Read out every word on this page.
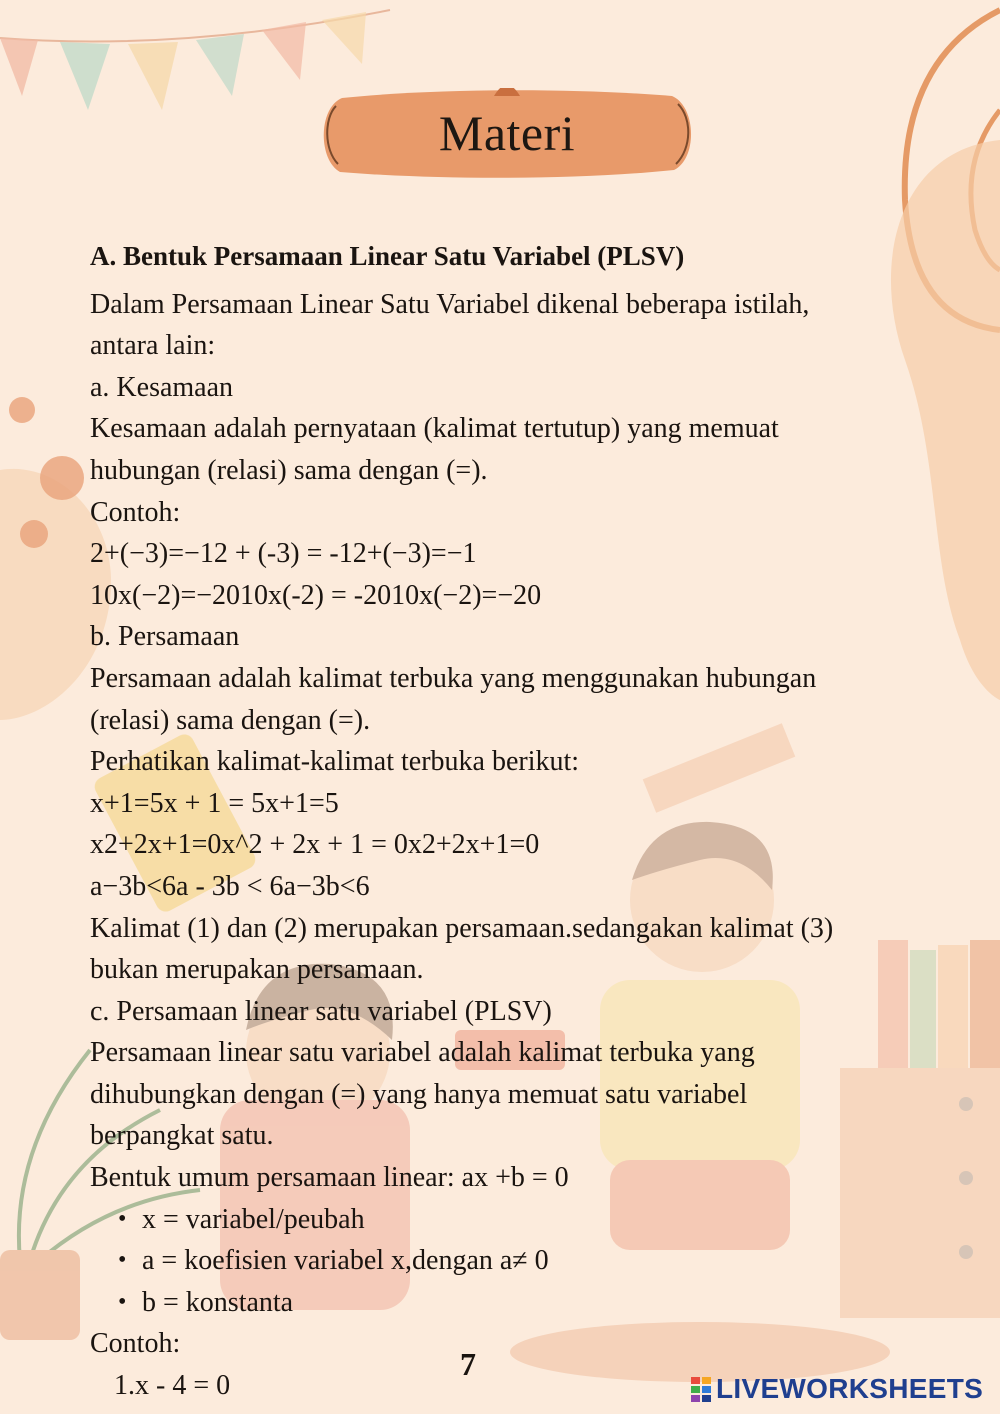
Materi
A. Bentuk Persamaan Linear Satu Variabel (PLSV)
Dalam Persamaan Linear Satu Variabel dikenal beberapa istilah,
antara lain:
a. Kesamaan
Kesamaan adalah pernyataan (kalimat tertutup) yang memuat
hubungan (relasi) sama dengan (=).
Contoh:
2+(−3)=−12 + (-3) = -12+(−3)=−1
10x(−2)=−2010x(-2) = -2010x(−2)=−20
b. Persamaan
Persamaan adalah kalimat terbuka yang menggunakan hubungan
(relasi) sama dengan (=).
Perhatikan kalimat-kalimat terbuka berikut:
x+1=5x + 1 = 5x+1=5
x2+2x+1=0x^2 + 2x + 1 = 0x2+2x+1=0
a−3b<6a - 3b < 6a−3b<6
Kalimat (1) dan (2) merupakan persamaan.sedangakan kalimat (3)
bukan merupakan persamaan.
c. Persamaan linear satu variabel (PLSV)
Persamaan linear satu variabel adalah kalimat terbuka yang
dihubungkan dengan (=) yang hanya memuat satu variabel
berpangkat satu.
Bentuk umum persamaan linear: ax +b = 0
• x = variabel/peubah
• a = koefisien variabel x,dengan a≠ 0
• b = konstanta
Contoh:
1.x - 4 = 0
7
LIVEWORKSHEETS
